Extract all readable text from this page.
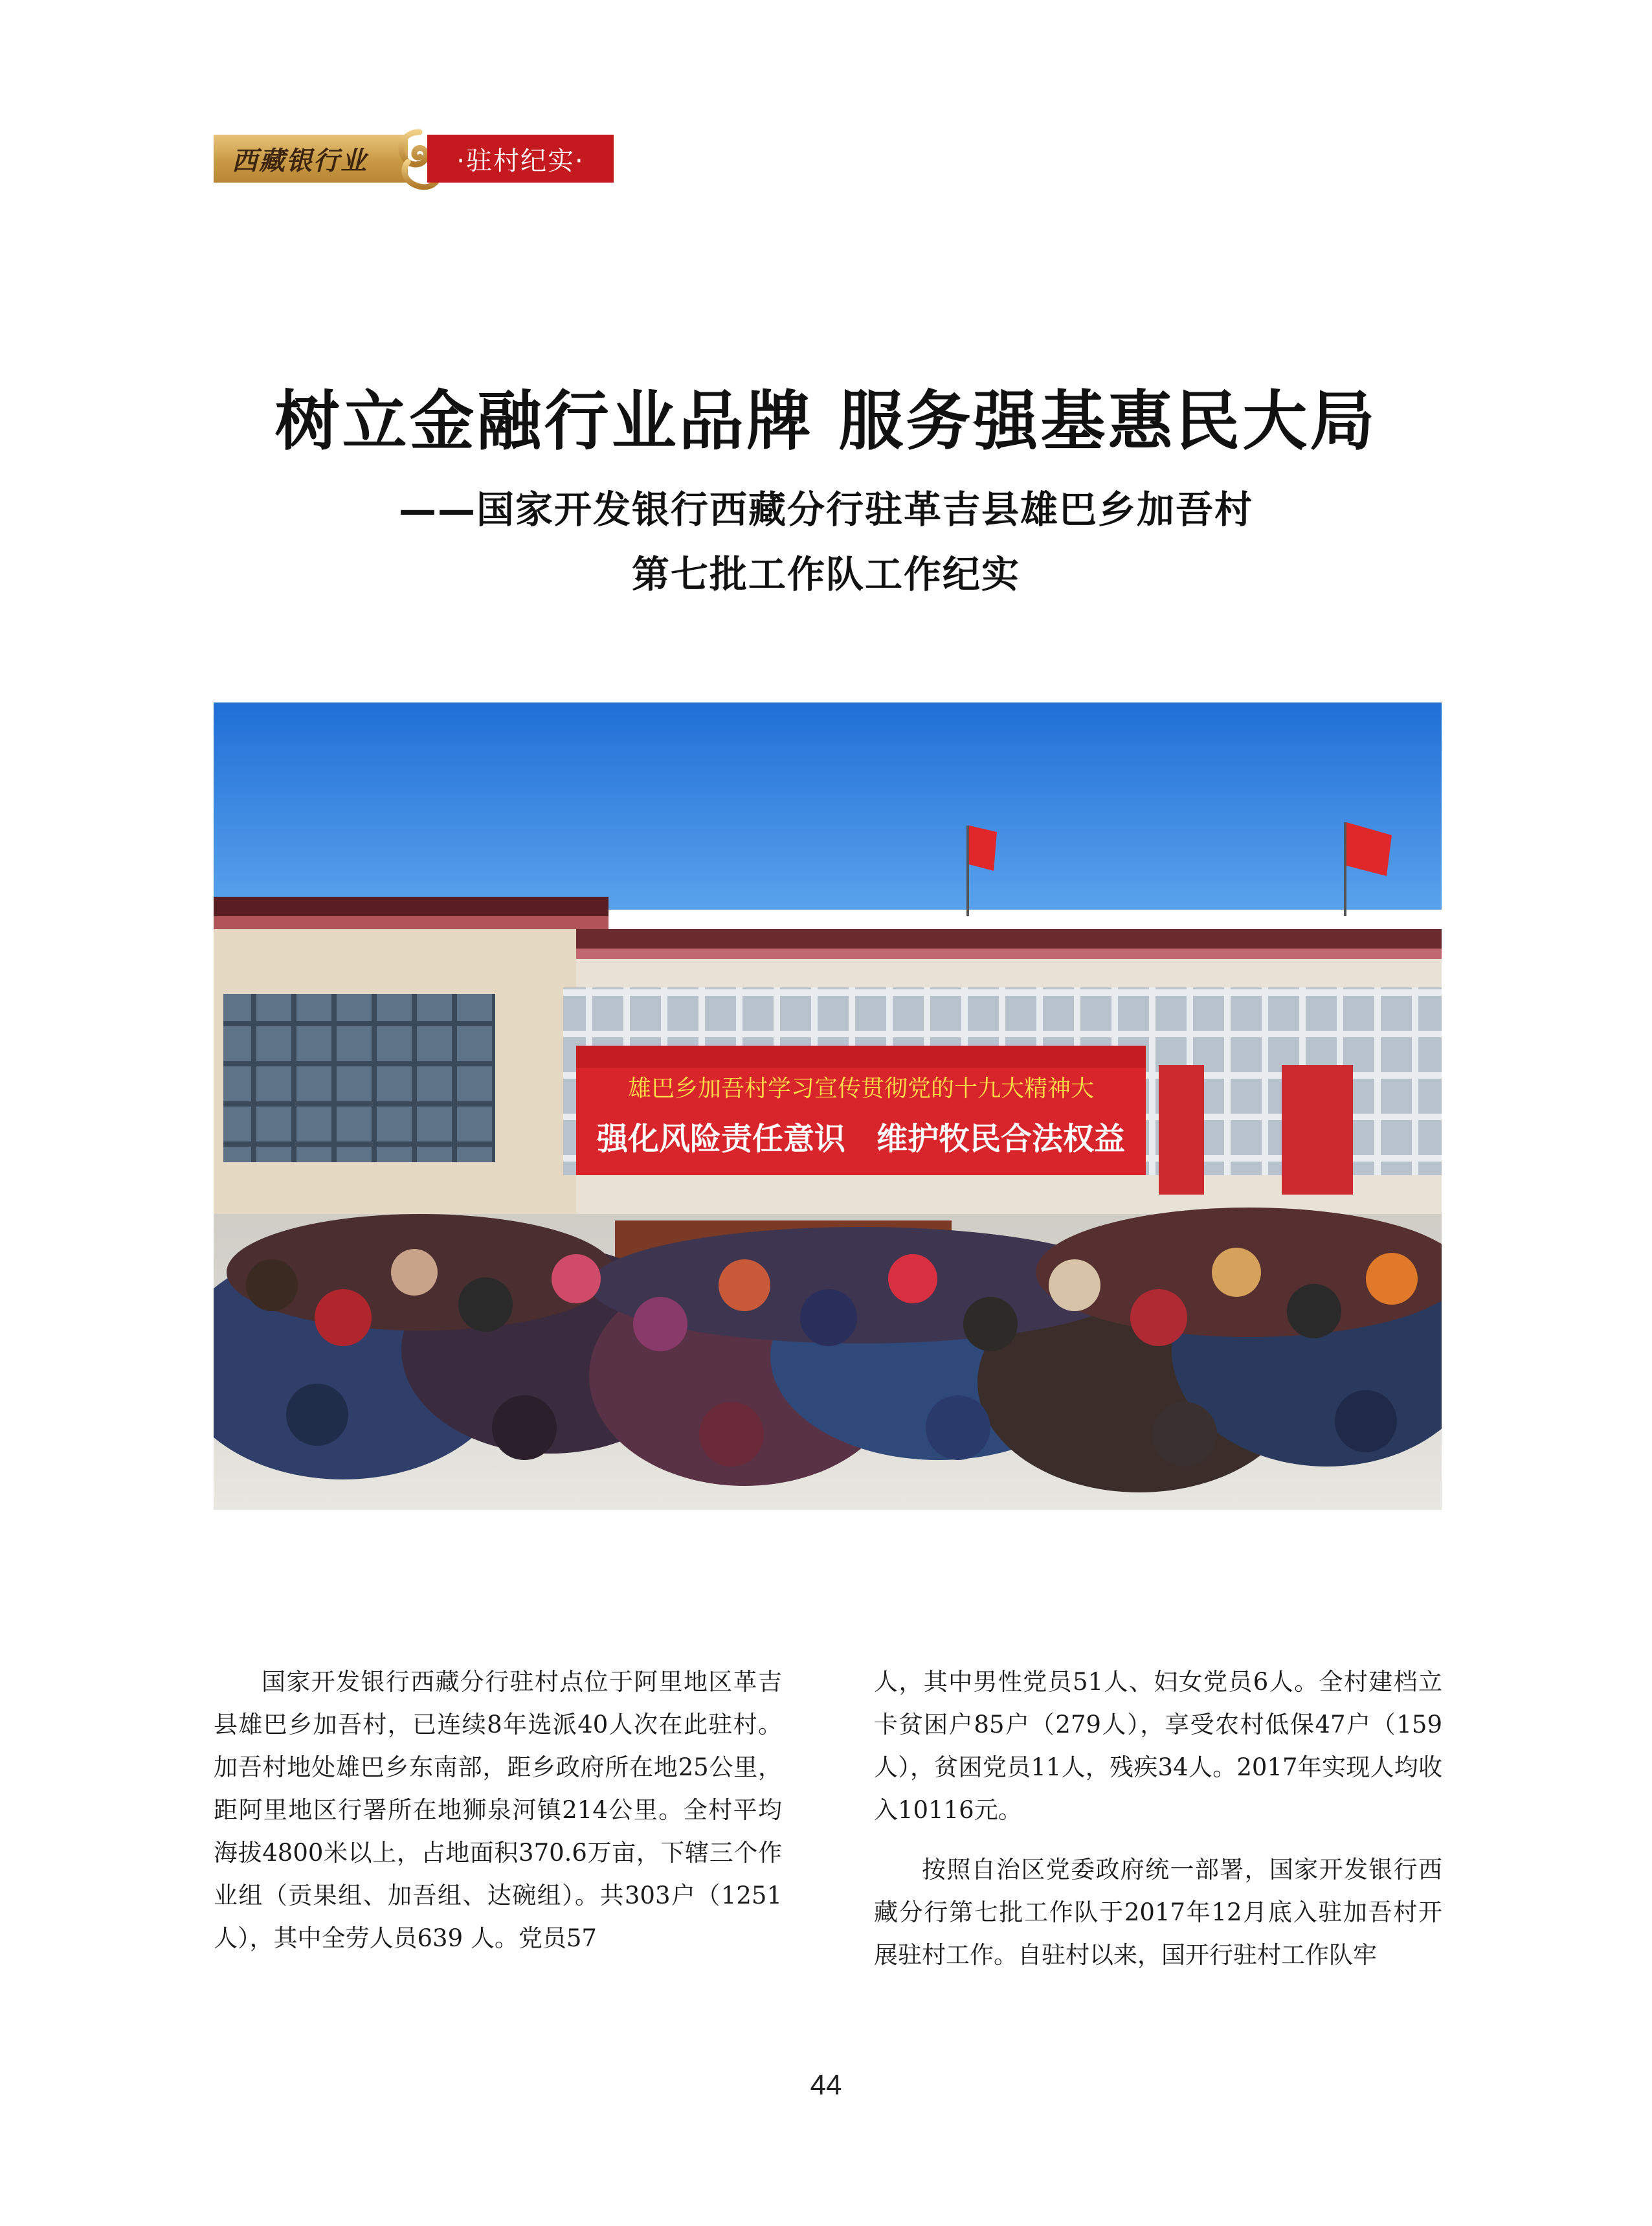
西藏银行业	·驻村纪实·
树立金融行业品牌 服务强基惠民大局
——国家开发银行西藏分行驻革吉县雄巴乡加吾村
第七批工作队工作纪实
雄巴乡加吾村学习宣传贯彻党的十九大精神大
强化风险责任意识　维护牧民合法权益

国家开发银行西藏分行驻村点位于阿里地区革吉县雄巴乡加吾村，已连续8年选派40人次在此驻村。加吾村地处雄巴乡东南部，距乡政府所在地25公里，距阿里地区行署所在地狮泉河镇214公里。全村平均海拔4800米以上，占地面积370.6万亩，下辖三个作业组（贡果组、加吾组、达碗组）。共303户（1251人），其中全劳人员639 人。党员57

人，其中男性党员51人、妇女党员6人。全村建档立卡贫困户85户（279人），享受农村低保47户（159人），贫困党员11人，残疾34人。2017年实现人均收入10116元。

按照自治区党委政府统一部署，国家开发银行西藏分行第七批工作队于2017年12月底入驻加吾村开展驻村工作。自驻村以来，国开行驻村工作队牢

44
